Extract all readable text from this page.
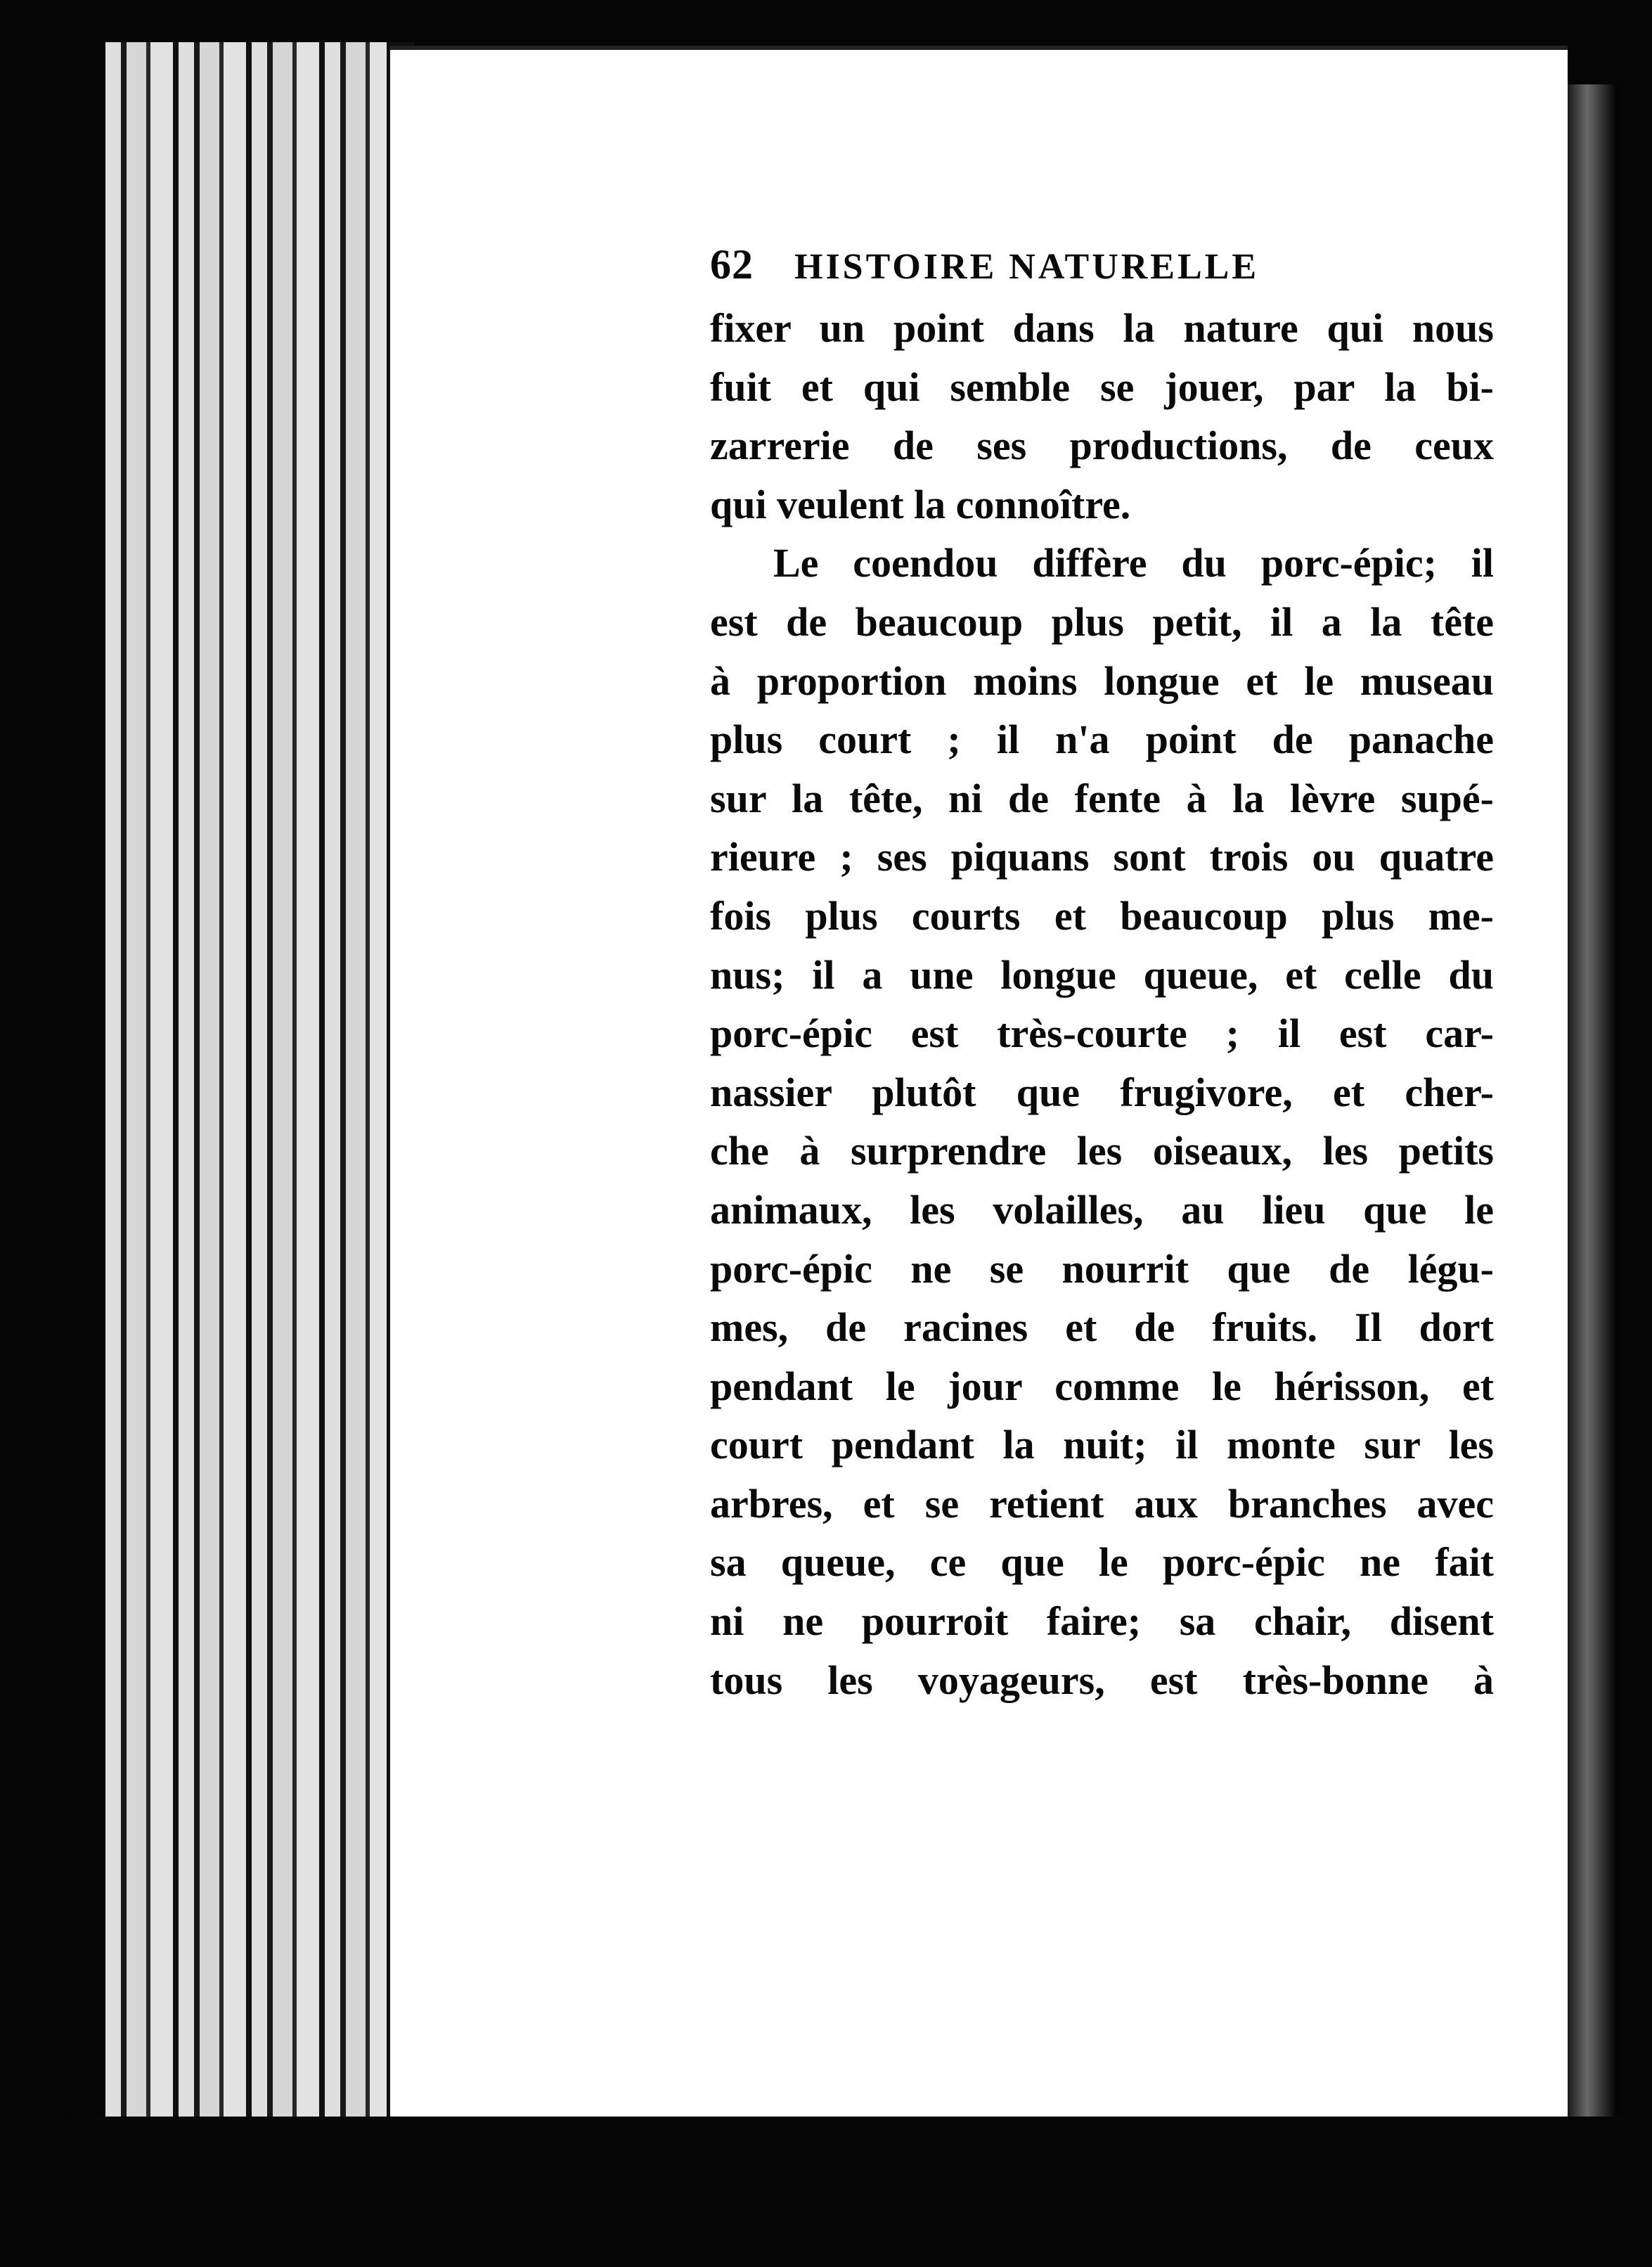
62 HISTOIRE NATURELLE
fixer un point dans la nature qui nous
fuit et qui semble se jouer, par la bi-
zarrerie de ses productions, de ceux
qui veulent la connoître.
Le coendou diffère du porc-épic; il
est de beaucoup plus petit, il a la tête
à proportion moins longue et le museau
plus court ; il n'a point de panache
sur la tête, ni de fente à la lèvre supé-
rieure ; ses piquans sont trois ou quatre
fois plus courts et beaucoup plus me-
nus; il a une longue queue, et celle du
porc-épic est très-courte ; il est car-
nassier plutôt que frugivore, et cher-
che à surprendre les oiseaux, les petits
animaux, les volailles, au lieu que le
porc-épic ne se nourrit que de légu-
mes, de racines et de fruits. Il dort
pendant le jour comme le hérisson, et
court pendant la nuit; il monte sur les
arbres, et se retient aux branches avec
sa queue, ce que le porc-épic ne fait
ni ne pourroit faire; sa chair, disent
tous les voyageurs, est très-bonne à
